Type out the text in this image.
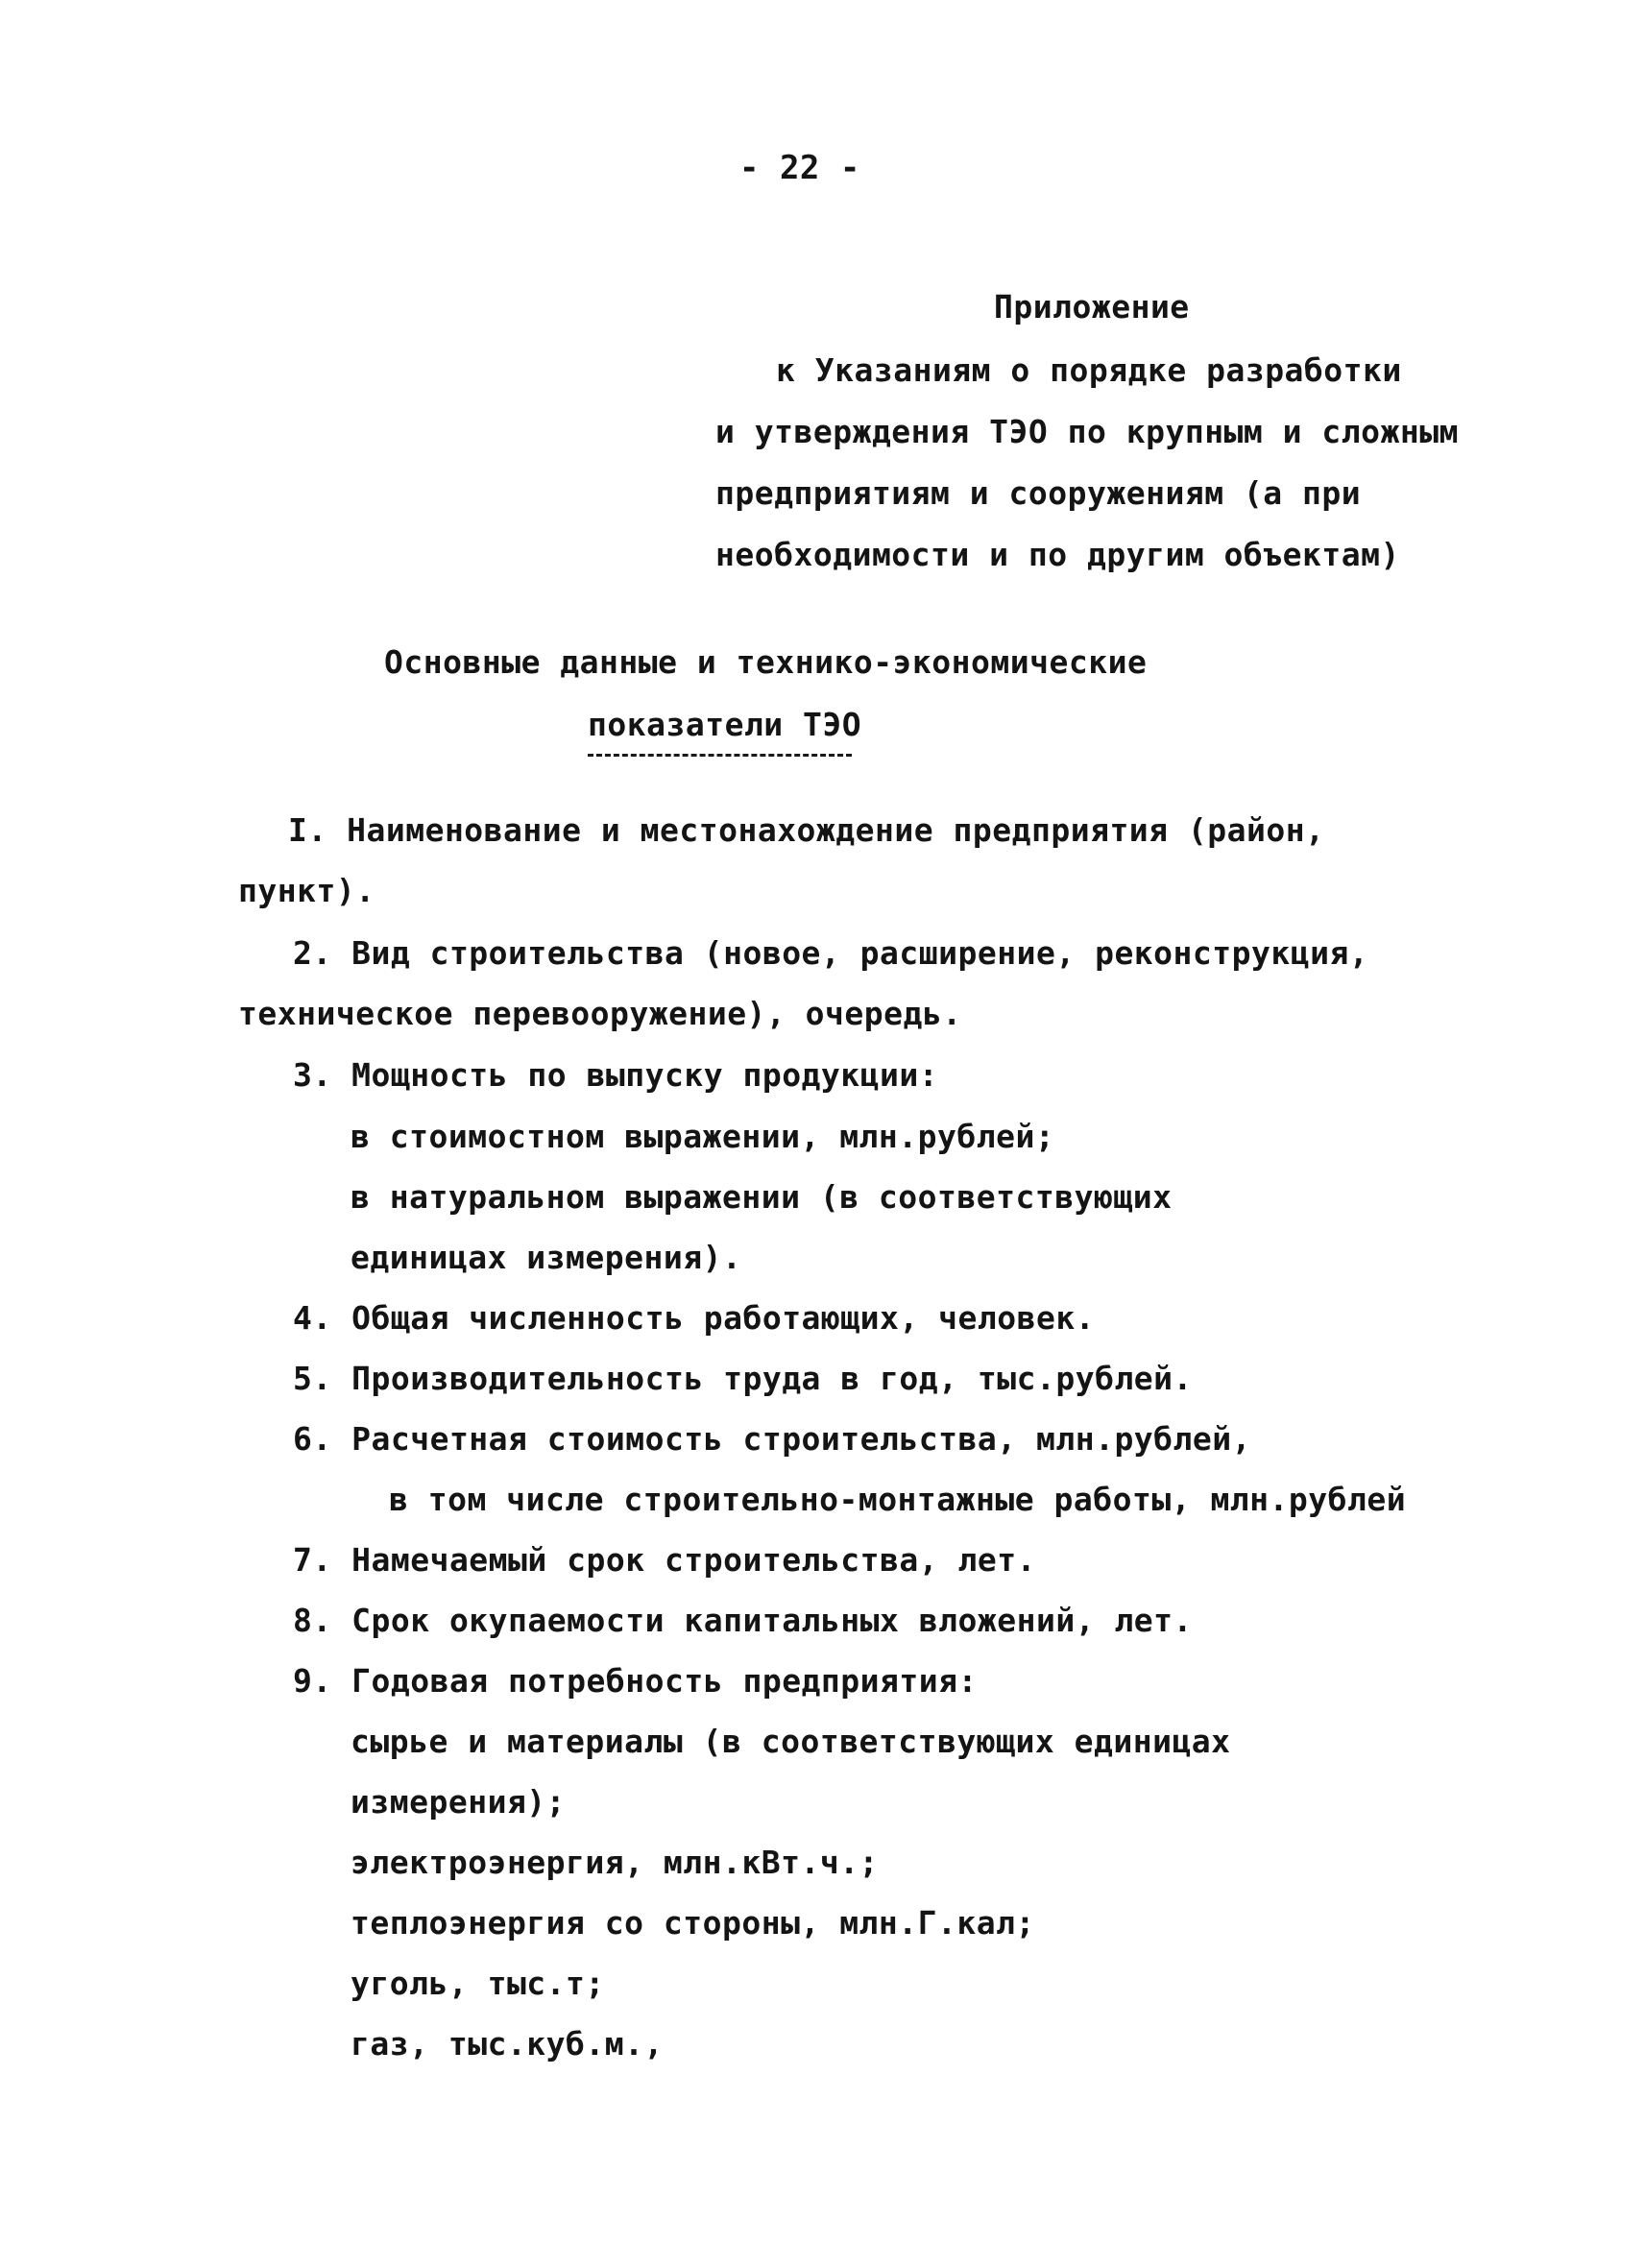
- 22 -
Приложение
к Указаниям о порядке разработки
и утверждения ТЭО по крупным и сложным
предприятиям и сооружениям (а при
необходимости и по другим объектам)
Основные данные и технико-экономические
показатели ТЭО
I. Наименование и местонахождение предприятия (район,
пункт).
2. Вид строительства (новое, расширение, реконструкция,
техническое перевооружение), очередь.
3. Мощность по выпуску продукции:
в стоимостном выражении, млн.рублей;
в натуральном выражении (в соответствующих
единицах измерения).
4. Общая численность работающих, человек.
5. Производительность труда в год, тыс.рублей.
6. Расчетная стоимость строительства, млн.рублей,
в том числе строительно-монтажные работы, млн.рублей
7. Намечаемый срок строительства, лет.
8. Срок окупаемости капитальных вложений, лет.
9. Годовая потребность предприятия:
сырье и материалы (в соответствующих единицах
измерения);
электроэнергия, млн.кВт.ч.;
теплоэнергия со стороны, млн.Г.кал;
уголь, тыс.т;
газ, тыс.куб.м.,
